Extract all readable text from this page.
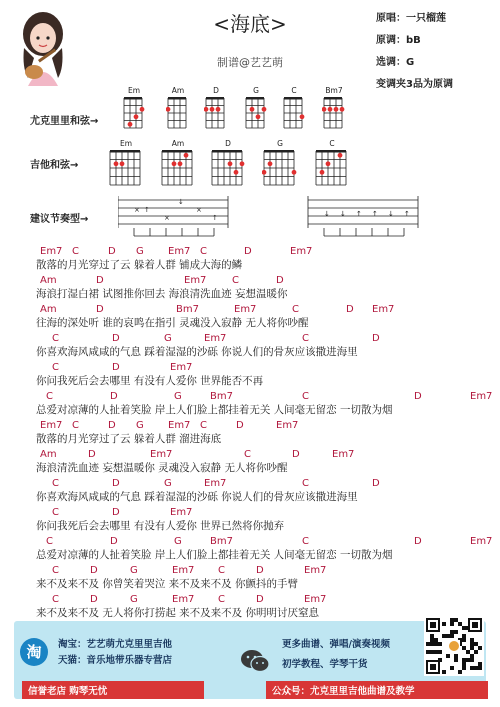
<海底>
制谱@艺艺萌
原唱：一只榴莲
原调：bB
选调：G
变调夹3品为原调
尤克里里和弦→
吉他和弦→
建议节奏型→
Em	Am	D	G	C	Bm7
Em	Am	D	G	C
× ↑
×
↓
×
↑	↓ ↓ ↑ ↑ ↓ ↑
Em7 C	D G Em7 C	D	Em7
散落的月光穿过了云 躲着人群 铺成大海的鳞
Am	D	Em7	C	D
海浪打湿白裙 试图推你回去 海浪清洗血迹 妄想温暖你
Am	D	Bm7	Em7	C	D Em7
往海的深处听 谁的哀鸣在指引 灵魂没入寂静 无人将你吵醒
C	D	G	Em7	C	D
你喜欢海风咸咸的气息 踩着湿湿的沙砾 你说人们的骨灰应该撒进海里
C	D	Em7
你问我死后会去哪里 有没有人爱你 世界能否不再
C	D	G	Bm7	C	D	Em7
总爱对凉薄的人扯着笑脸 岸上人们脸上都挂着无关 人间毫无留恋 一切散为烟
Em7 C	D G Em7 C	D	Em7
散落的月光穿过了云 躲着人群 溜进海底
Am	D	Em7	C	D	Em7
海浪清洗血迹 妄想温暖你 灵魂没入寂静 无人将你吵醒
C	D	G	Em7	C	D
你喜欢海风咸咸的气息 踩着湿湿的沙砾 你说人们的骨灰应该撒进海里
C	D	Em7
你问我死后会去哪里 有没有人爱你 世界已然将你抛弃
C	D	G	Bm7	C	D	Em7
总爱对凉薄的人扯着笑脸 岸上人们脸上都挂着无关 人间毫无留恋 一切散为烟
C	D	G	Em7 C	D	Em7
来不及来不及 你曾笑着哭泣 来不及来不及 你颤抖的手臂
C	D	G	Em7 C	D	Em7
来不及来不及 无人将你打捞起 来不及来不及 你明明讨厌窒息
淘	淘宝：艺艺萌尤克里里吉他
天猫：音乐地带乐器专营店
信誉老店 购琴无忧
更多曲谱、弹唱/演奏视频
初学教程、学琴干货
公众号：尤克里里吉他曲谱及教学
